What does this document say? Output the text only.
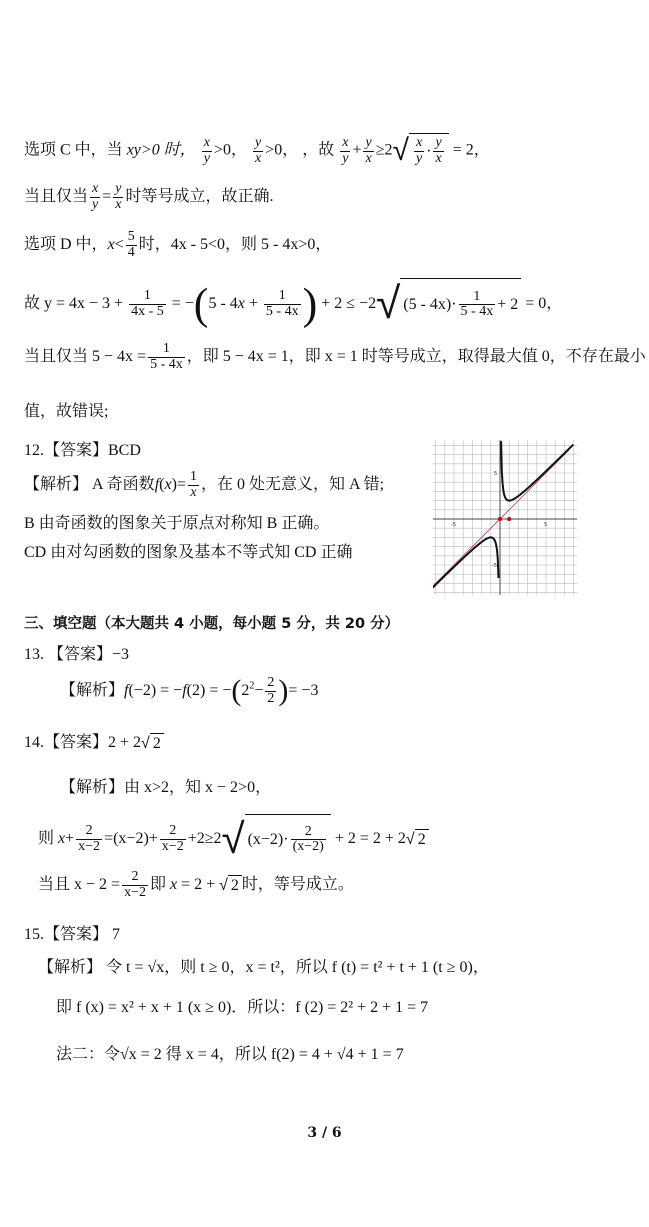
选项 C 中，当 xy>0 时， $\frac{x}{y} >0$， $\frac{y}{x} >0$， ，故 $\frac{x}{y} + \frac{y}{x} \ge 2$ √ $\frac{x}{y} \cdot \frac{y}{x} = 2$，
当且仅当 $\frac{x}{y} = \frac{y}{x}$ 时等号成立，故正确.
选项 D 中，$x< \frac{5}{4}$ 时，4x - 5<0，则 5 - 4x>0，
故 $y = 4x - 3 + \frac{1}{4x - 5} = -(5 - 4x + \frac{1}{5 - 4x}$ ) + 2 ≤ −2 √ $(5 - 4x)\cdot \frac{1}{5 - 4x} + 2 = 0$，
当且仅当 $5 - 4x = \frac{1}{5 - 4x}$ ，即 5 − 4x = 1，即 x = 1 时等号成立，取得最大值 0，不存在最小
值，故错误;
12.【答案】BCD
【解析】 A 奇函数$f(x)= \frac{1}{x}$ ，在 0 处无意义，知 A 错;
B 由奇函数的图象关于原点对称知 B 正确。
CD 由对勾函数的图象及基本不等式知 CD 正确
-5	5
5
-5
三、填空题（本大题共 4 小题，每小题 5 分，共 20 分）
13. 【答案】−3
【解析】$f(-2) = -f(2) = -(2^2- \frac{2}{2}$ )= −3
14.【答案】2 + 2 √ 2
【解析】由 x>2，知 x − 2>0，
则 $x+ \frac{2}{x-2} =(x-2)+ \frac{2}{x-2} +2\ge 2$ √ $(x-2)\cdot \frac{2}{(x-2)} + 2 = 2 + 2$ √ 2
当且 $x - 2 = \frac{2}{x-2}$ 即 x = 2 + √ 2 时，等号成立。
15.【答案】 7
【解析】 令 t = √x，则 t ≥ 0，x = t²，所以 f (t) = t² + t + 1 (t ≥ 0)，
即 f (x) = x² + x + 1 (x ≥ 0)．所以：f (2) = 2² + 2 + 1 = 7
法二：令√x = 2 得 x = 4，所以 f(2) = 4 + √4 + 1 = 7
3 / 6
